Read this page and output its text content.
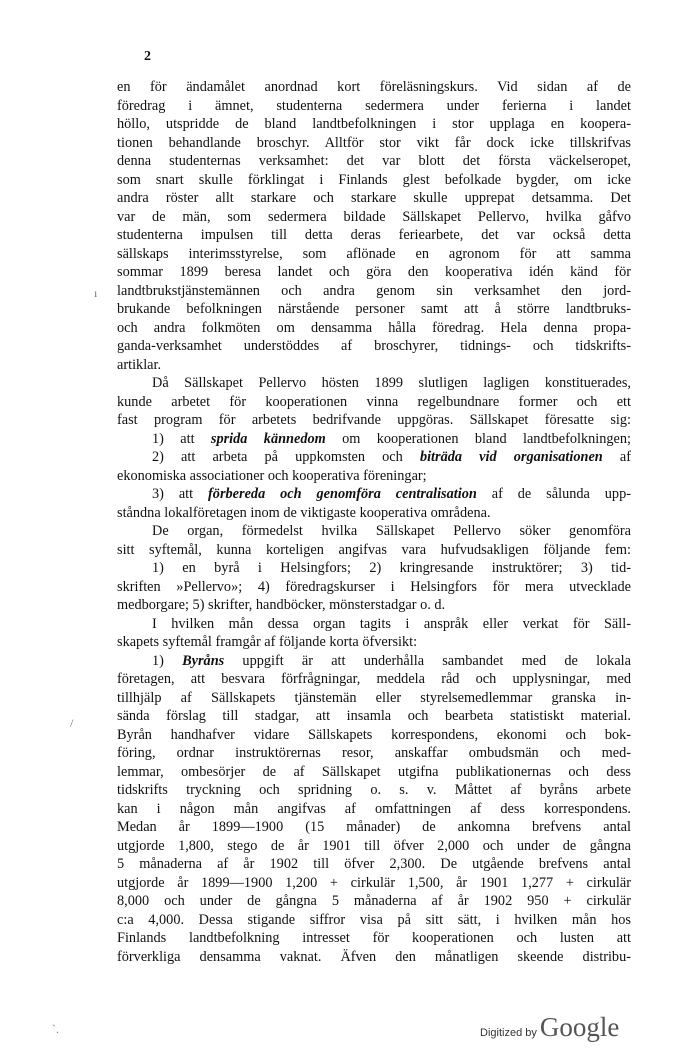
2
en för ändamålet anordnad kort föreläsningskurs. Vid sidan af de
föredrag i ämnet, studenterna sedermera under ferierna i landet
höllo, utspridde de bland landtbefolkningen i stor upplaga en koopera-
tionen behandlande broschyr. Alltför stor vikt får dock icke tillskrifvas
denna studenternas verksamhet: det var blott det första väckelseropet,
som snart skulle förklingat i Finlands glest befolkade bygder, om icke
andra röster allt starkare och starkare skulle upprepat detsamma. Det
var de män, som sedermera bildade Sällskapet Pellervo, hvilka gåfvo
studenterna impulsen till detta deras feriearbete, det var också detta
sällskaps interimsstyrelse, som aflönade en agronom för att samma
sommar 1899 beresa landet och göra den kooperativa idén känd för
landtbrukstjänstemännen och andra genom sin verksamhet den jord-
brukande befolkningen närstående personer samt att å större landtbruks-
och andra folkmöten om densamma hålla föredrag. Hela denna propa-
ganda-verksamhet understöddes af broschyrer, tidnings- och tidskrifts-
artiklar.
Då Sällskapet Pellervo hösten 1899 slutligen lagligen konstituerades,
kunde arbetet för kooperationen vinna regelbundnare former och ett
fast program för arbetets bedrifvande uppgöras. Sällskapet föresatte sig:
1) att sprida kännedom om kooperationen bland landtbefolkningen;
2) att arbeta på uppkomsten och biträda vid organisationen af
ekonomiska associationer och kooperativa föreningar;
3) att förbereda och genomföra centralisation af de sålunda upp-
ståndna lokalföretagen inom de viktigaste kooperativa områdena.
De organ, förmedelst hvilka Sällskapet Pellervo söker genomföra
sitt syftemål, kunna korteligen angifvas vara hufvudsakligen följande fem:
1) en byrå i Helsingfors; 2) kringresande instruktörer; 3) tid-
skriften »Pellervo»; 4) föredragskurser i Helsingfors för mera utvecklade
medborgare; 5) skrifter, handböcker, mönsterstadgar o. d.
I hvilken mån dessa organ tagits i anspråk eller verkat för Säll-
skapets syftemål framgår af följande korta öfversikt:
1) Byråns uppgift är att underhålla sambandet med de lokala
företagen, att besvara förfrågningar, meddela råd och upplysningar, med
tillhjälp af Sällskapets tjänstemän eller styrelsemedlemmar granska in-
sända förslag till stadgar, att insamla och bearbeta statistiskt material.
Byrån handhafver vidare Sällskapets korrespondens, ekonomi och bok-
föring, ordnar instruktörernas resor, anskaffar ombudsmän och med-
lemmar, ombesörjer de af Sällskapet utgifna publikationernas och dess
tidskrifts tryckning och spridning o. s. v. Måttet af byråns arbete
kan i någon mån angifvas af omfattningen af dess korrespondens.
Medan år 1899—1900 (15 månader) de ankomna brefvens antal
utgjorde 1,800, stego de år 1901 till öfver 2,000 och under de gångna
5 månaderna af år 1902 till öfver 2,300. De utgående brefvens antal
utgjorde år 1899—1900 1,200 + cirkulär 1,500, år 1901 1,277 + cirkulär
8,000 och under de gångna 5 månaderna af år 1902 950 + cirkulär
c:a 4,000. Dessa stigande siffror visa på sitt sätt, i hvilken mån hos
Finlands landtbefolkning intresset för kooperationen och lusten att
förverkliga densamma vaknat. Äfven den månatligen skeende distribu-
ı
/
ˋ.	Digitized by Google
